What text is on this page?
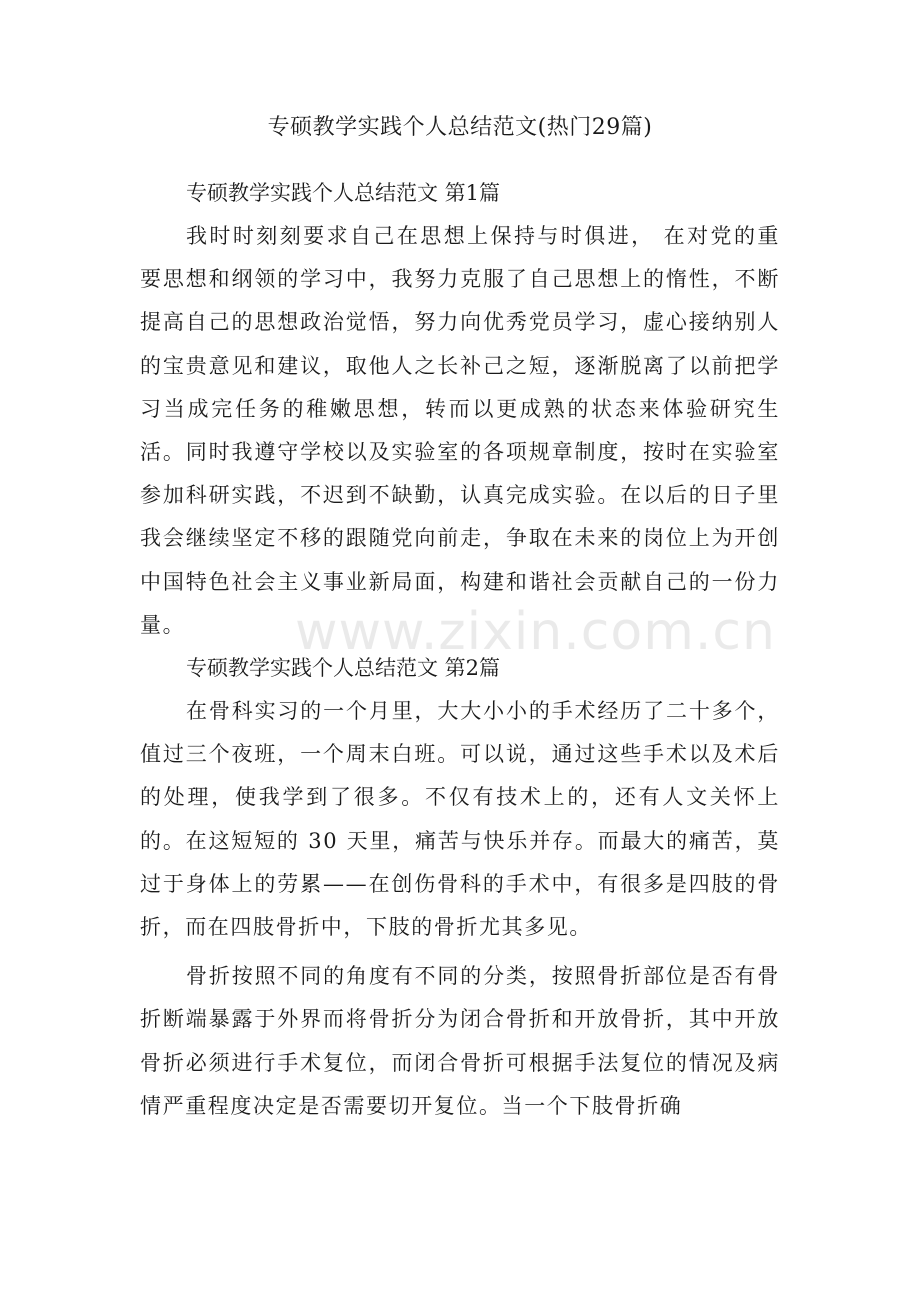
www.zixin.com.cn
专硕教学实践个人总结范文(热门29篇)
专硕教学实践个人总结范文 第1篇

我时时刻刻要求自己在思想上保持与时俱进， 在对党的重要思想和纲领的学习中，我努力克服了自己思想上的惰性，不断提高自己的思想政治觉悟，努力向优秀党员学习，虚心接纳别人的宝贵意见和建议，取他人之长补己之短，逐渐脱离了以前把学习当成完任务的稚嫩思想，转而以更成熟的状态来体验研究生活。同时我遵守学校以及实验室的各项规章制度，按时在实验室参加科研实践，不迟到不缺勤，认真完成实验。在以后的日子里我会继续坚定不移的跟随党向前走，争取在未来的岗位上为开创中国特色社会主义事业新局面，构建和谐社会贡献自己的一份力量。

专硕教学实践个人总结范文 第2篇

在骨科实习的一个月里，大大小小的手术经历了二十多个，值过三个夜班，一个周末白班。可以说，通过这些手术以及术后的处理，使我学到了很多。不仅有技术上的，还有人文关怀上的。在这短短的 30 天里，痛苦与快乐并存。而最大的痛苦，莫过于身体上的劳累——在创伤骨科的手术中，有很多是四肢的骨折，而在四肢骨折中，下肢的骨折尤其多见。

骨折按照不同的角度有不同的分类，按照骨折部位是否有骨折断端暴露于外界而将骨折分为闭合骨折和开放骨折，其中开放骨折必须进行手术复位，而闭合骨折可根据手法复位的情况及病情严重程度决定是否需要切开复位。当一个下肢骨折确
